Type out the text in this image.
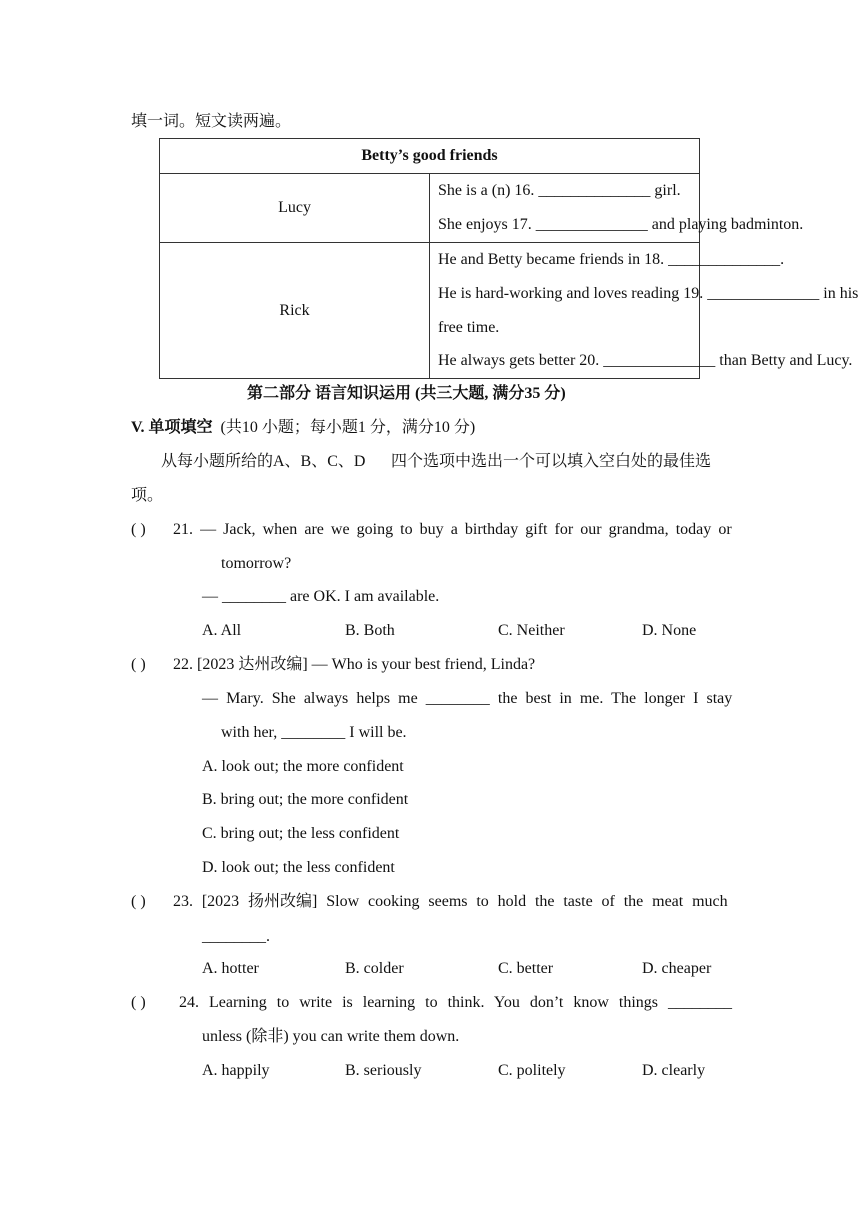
填一词。短文读两遍。
Betty’s good friends	
Lucy	She is a (n) 16. ______________ girl.
She enjoys 17. ______________ and playing badminton.

Rick	He and Betty became friends in 18. ______________.
He is hard-working and loves reading 19. ______________ in his
free time.
He always gets better 20. ______________ than Betty and Lucy.
第二部分 语言知识运用 (共三大题, 满分35 分)
V. 单项填空 (共10 小题；每小题1 分，满分10 分)
从每小题所给的A、B、C、D 四个选项中选出一个可以填入空白处的最佳选
项。
( ) 21. — Jack, when are we going to buy a birthday gift for our grandma, today or
tomorrow?
— ________ are OK. I am available.
A. All	B. Both	C. Neither	D. None
( ) 22. [2023 达州改编] — Who is your best friend, Linda?
— Mary. She always helps me ________ the best in me. The longer I stay
with her, ________ I will be.
A. look out; the more confident
B. bring out; the more confident
C. bring out; the less confident
D. look out; the less confident
( ) 23. [2023 扬州改编] Slow cooking seems to hold the taste of the meat much
________.
A. hotter	B. colder	C. better	D. cheaper
( ) 24. Learning to write is learning to think. You don’t know things ________
unless (除非) you can write them down.
A. happily	B. seriously	C. politely	D. clearly
